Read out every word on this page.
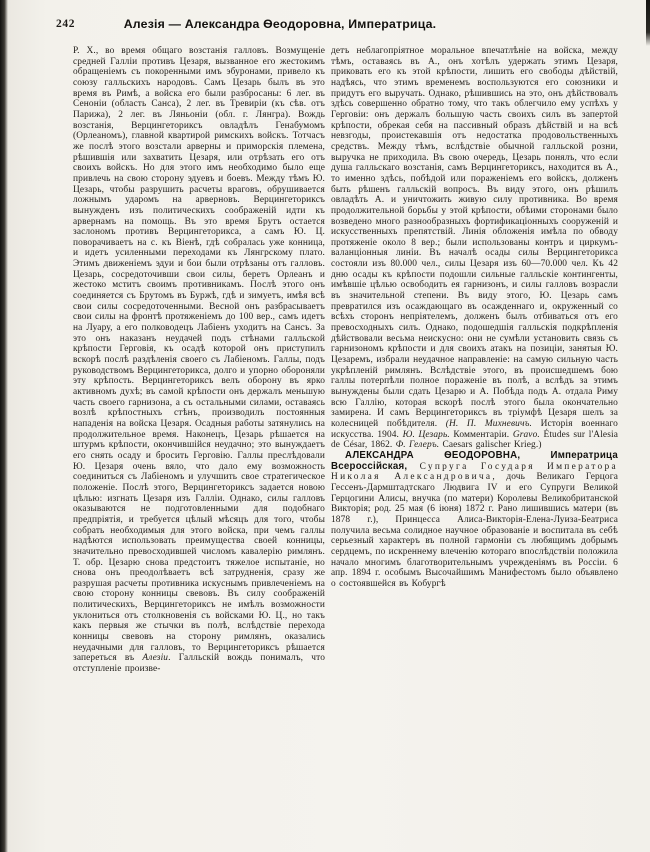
242	Алезія — Александра Ѳеодоровна, Императрица.

Р. Х., во время общаго возстанія галловъ. Возмущеніе средней Галліи противъ Цезаря, вызванное его жестокимъ обращеніемъ съ покоренными имъ эбуронами, привело къ союзу галльскихъ народовъ. Самъ Цезарь былъ въ это время въ Римѣ, а войска его были разбросаны: 6 лег. въ Сеноніи (область Санса), 2 лег. въ Тревиріи (къ сѣв. отъ Парижа), 2 лег. въ Ляньоніи (обл. г. Лянгра). Вождь возстанія, Верцингеториксъ овладѣлъ Генабумомъ (Орлеаномъ), главной квартирой римскихъ войскъ. Тотчасъ же послѣ этого возстали арверны и приморскія племена, рѣшившія или захватить Цезаря, или отрѣзать его отъ своихъ войскъ. Но для этого имъ необходимо было еще привлечь на свою сторону эдуевъ и боевъ. Между тѣмъ Ю. Цезарь, чтобы разрушить расчеты враговъ, обрушивается ложнымъ ударомъ на арверновъ. Верцингеториксъ вынужденъ изъ политическихъ соображеній идти къ арвернамъ на помощь. Въ это время Брутъ остается заслономъ противъ Верцингеторикса, а самъ Ю. Ц. поворачиваетъ на с. къ Віенѣ, гдѣ собралась уже конница, и идетъ усиленными переходами къ Лянгрскому плато. Этимъ движеніемъ эдуи и бои были отрѣзаны отъ галловъ. Цезарь, сосредоточивши свои силы, беретъ Орлеанъ и жестоко мститъ своимъ противникамъ. Послѣ этого онъ соединяется съ Брутомъ въ Буржѣ, гдѣ и зимуетъ, имѣя всѣ свои силы сосредоточенными. Весной онъ разбрасываетъ свои силы на фронтѣ протяженіемъ до 100 вер., самъ идетъ на Луару, а его полководецъ Лабіенъ уходитъ на Сансъ. За это онъ наказанъ неудачей подъ стѣнами галльской крѣпости Герговія, къ осадѣ которой онъ приступилъ вскорѣ послѣ раздѣленія своего съ Лабіеномъ. Галлы, подъ руководствомъ Верцингеторикса, долго и упорно обороняли эту крѣпость. Верцингеториксъ велъ оборону въ ярко активномъ духѣ; въ самой крѣпости онъ держалъ меньшую часть своего гарнизона, а съ остальными силами, оставаясь возлѣ крѣпостныхъ стѣнъ, производилъ постоянныя нападенія на войска Цезаря. Осадныя работы затянулись на продолжительное время. Наконецъ, Цезарь рѣшается на штурмъ крѣпости, окончившійся неудачно; это вынуждаетъ его снять осаду и бросить Герговію. Галлы преслѣдовали Ю. Цезаря очень вяло, что дало ему возможность соединиться съ Лабіеномъ и улучшить свое стратегическое положеніе. Послѣ этого, Верцингеториксъ задается новою цѣлью: изгнать Цезаря изъ Галліи. Однако, силы галловъ оказываются не подготовленными для подобнаго предпріятія, и требуется цѣлый мѣсяцъ для того, чтобы собрать необходимыя для этого войска, при чемъ галлы надѣются использовать преимущества своей конницы, значительно превосходившей числомъ кавалерію римлянъ. Т. обр. Цезарю снова предстоитъ тяжелое испытаніе, но снова онъ преодолѣваетъ всѣ затрудненія, сразу же разрушая расчеты противника искуснымъ привлеченіемъ на свою сторону конницы свевовъ. Въ силу соображеній политическихъ, Верцингеториксъ не имѣлъ возможности уклониться отъ столкновенія съ войсками Ю. Ц., но такъ какъ первыя же стычки въ полѣ, вслѣдствіе перехода конницы свевовъ на сторону римлянъ, оказались неудачными для галловъ, то Верцингеториксъ рѣшается запереться въ Алезіи. Галльскій вождь понималъ, что отступленіе произве-

детъ неблагопріятное моральное впечатлѣніе на войска, между тѣмъ, оставаясь въ А., онъ хотѣлъ удержать этимъ Цезаря, приковать его къ этой крѣпости, лишить его свободы дѣйствій, надѣясь, что этимъ временемъ воспользуются его союзники и придутъ его выручать. Однако, рѣшившись на это, онъ дѣйствовалъ здѣсь совершенно обратно тому, что такъ облегчило ему успѣхъ у Герговіи: онъ держалъ большую часть своихъ силъ въ запертой крѣпости, обрекая себя на пассивный образъ дѣйствій и на всѣ невзгоды, проистекавшія отъ недостатка продовольственныхъ средствъ. Между тѣмъ, вслѣдствіе обычной галльской розни, выручка не приходила. Въ свою очередь, Цезарь понялъ, что если душа галльскаго возстанія, самъ Верцингеториксъ, находится въ А., то именно здѣсь, побѣдой или пораженіемъ его войскъ, долженъ быть рѣшенъ галльскій вопросъ. Въ виду этого, онъ рѣшилъ овладѣть А. и уничтожить живую силу противника. Во время продолжительной борьбы у этой крѣпости, обѣими сторонами было возведено много разнообразныхъ фортификаціонныхъ сооруженій и искусственныхъ препятствій. Линія обложенія имѣла по обводу протяженіе около 8 вер.; были использованы контръ и циркумъ-валанціонныя линіи. Въ началѣ осады силы Верцингеторикса состояли изъ 80.000 чел., силы Цезаря изъ 60—70.000 чел. Къ 42 дню осады къ крѣпости подошли сильные галльскіе контингенты, имѣвшіе цѣлью освободить ея гарнизонъ, и силы галловъ возрасли въ значительной степени. Въ виду этого, Ю. Цезарь самъ превратился изъ осаждающаго въ осажденнаго и, окруженный со всѣхъ сторонъ непріятелемъ, долженъ былъ отбиваться отъ его превосходныхъ силъ. Однако, подошедшія галльскія подкрѣпленія дѣйствовали весьма неискусно: они не сумѣли установить связь съ гарнизономъ крѣпости и для своихъ атакъ на позиціи, занятыя Ю. Цезаремъ, избрали неудачное направленіе: на самую сильную часть укрѣпленій римлянъ. Вслѣдствіе этого, въ происшедшемъ бою галлы потерпѣли полное пораженіе въ полѣ, а вслѣдъ за этимъ вынуждены были сдать Цезарю и А. Побѣда подъ А. отдала Риму всю Галлію, которая вскорѣ послѣ этого была окончательно замирена. И самъ Верцингеториксъ въ тріумфѣ Цезаря шелъ за колесницей побѣдителя. (Н. П. Михневичъ. Исторія военнаго искусства. 1904. Ю. Цезарь. Комментаріи. Gravo. Études sur l'Alesia de César, 1862. Ф. Гелеръ. Caesars galischer Krieg.)

АЛЕКСАНДРА ѲЕОДОРОВНА, Императрица Всероссійская, Супруга Государя Императора Николая Александровича, дочь Великаго Герцога Гессенъ-Дармштадтскаго Людвига IV и его Супруги Великой Герцогини Алисы, внучка (по матери) Королевы Великобританской Викторія; род. 25 мая (6 іюня) 1872 г. Рано лишившись матери (въ 1878 г.), Принцесса Алиса-Викторія-Елена-Луиза-Беатриса получила весьма солидное научное образованіе и воспитала въ себѣ серьезный характеръ въ полной гармоніи съ любящимъ добрымъ сердцемъ, по искреннему влеченію котораго впослѣдствіи положила начало многимъ благотворительнымъ учрежденіямъ въ Россіи. 6 апр. 1894 г. особымъ Высочайшимъ Манифестомъ было объявлено о состоявшейся въ Кобургѣ
